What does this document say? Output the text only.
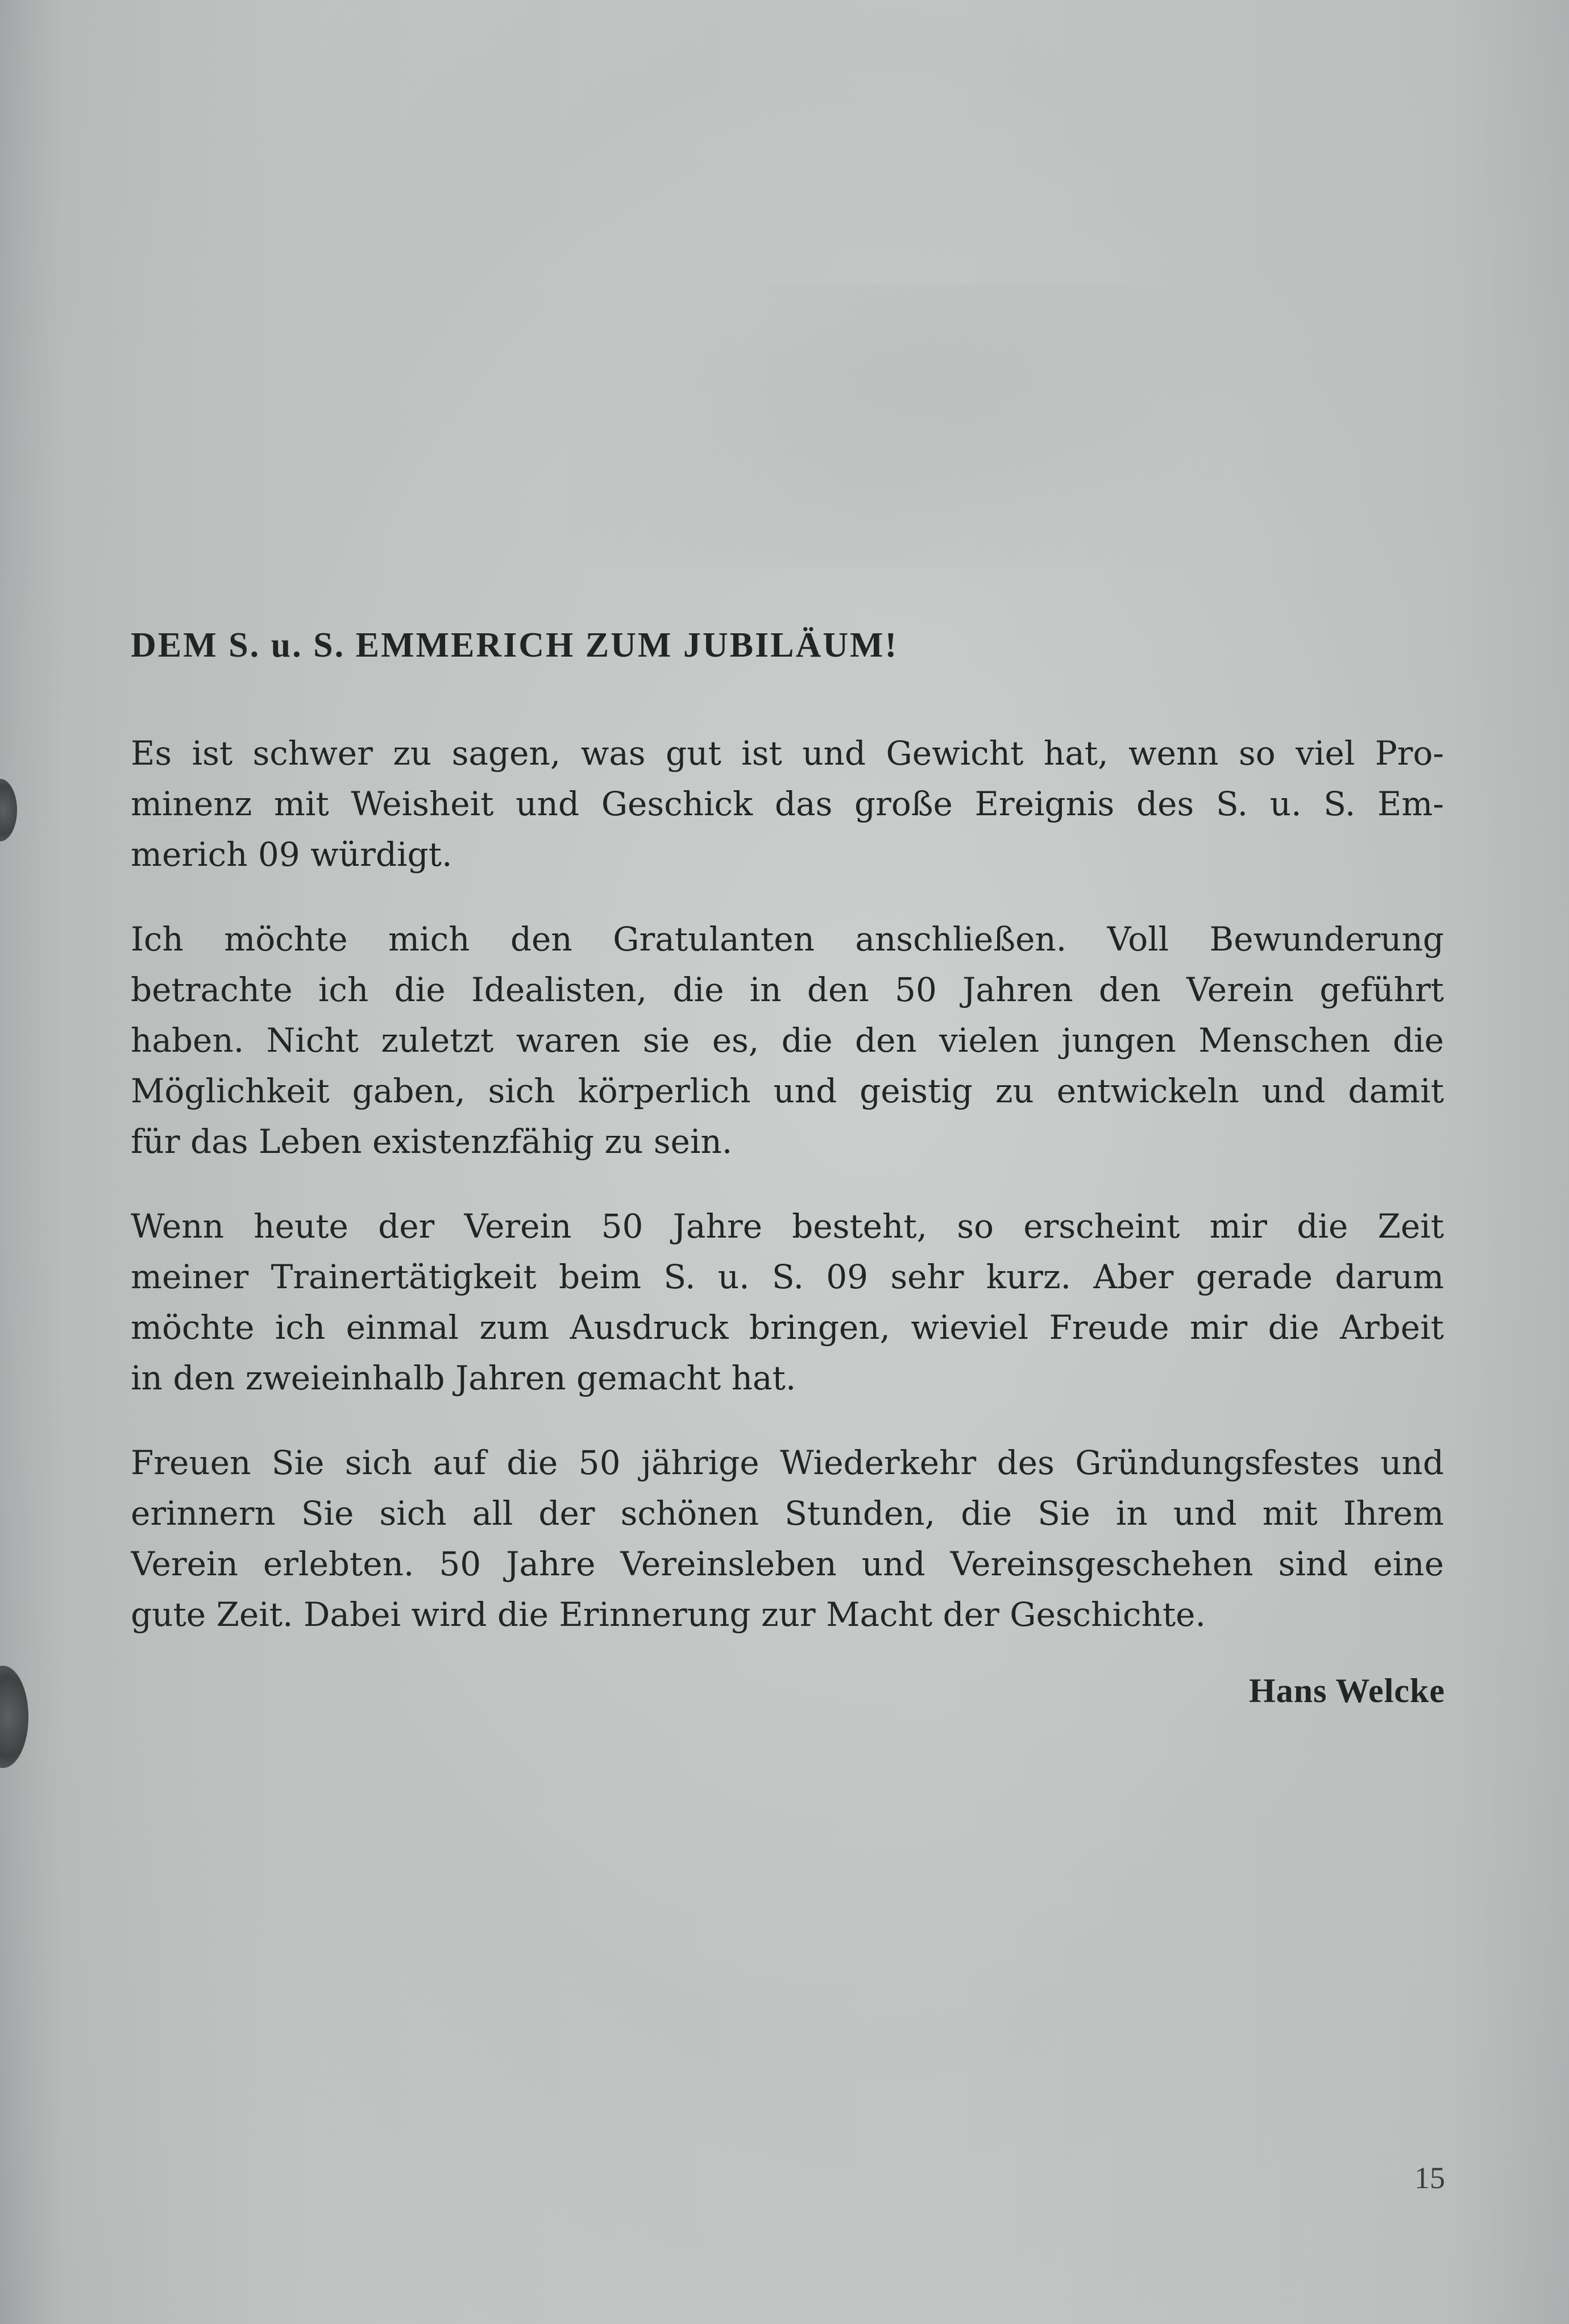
DEM S. u. S. EMMERICH ZUM JUBILÄUM!
Es ist schwer zu sagen, was gut ist und Gewicht hat, wenn so viel Pro-
minenz mit Weisheit und Geschick das große Ereignis des S. u. S. Em-
merich 09 würdigt.
Ich möchte mich den Gratulanten anschließen. Voll Bewunderung
betrachte ich die Idealisten, die in den 50 Jahren den Verein geführt
haben. Nicht zuletzt waren sie es, die den vielen jungen Menschen die
Möglichkeit gaben, sich körperlich und geistig zu entwickeln und damit
für das Leben existenzfähig zu sein.
Wenn heute der Verein 50 Jahre besteht, so erscheint mir die Zeit
meiner Trainertätigkeit beim S. u. S. 09 sehr kurz. Aber gerade darum
möchte ich einmal zum Ausdruck bringen, wieviel Freude mir die Arbeit
in den zweieinhalb Jahren gemacht hat.
Freuen Sie sich auf die 50 jährige Wiederkehr des Gründungsfestes und
erinnern Sie sich all der schönen Stunden, die Sie in und mit Ihrem
Verein erlebten. 50 Jahre Vereinsleben und Vereinsgeschehen sind eine
gute Zeit. Dabei wird die Erinnerung zur Macht der Geschichte.
Hans Welcke
15
